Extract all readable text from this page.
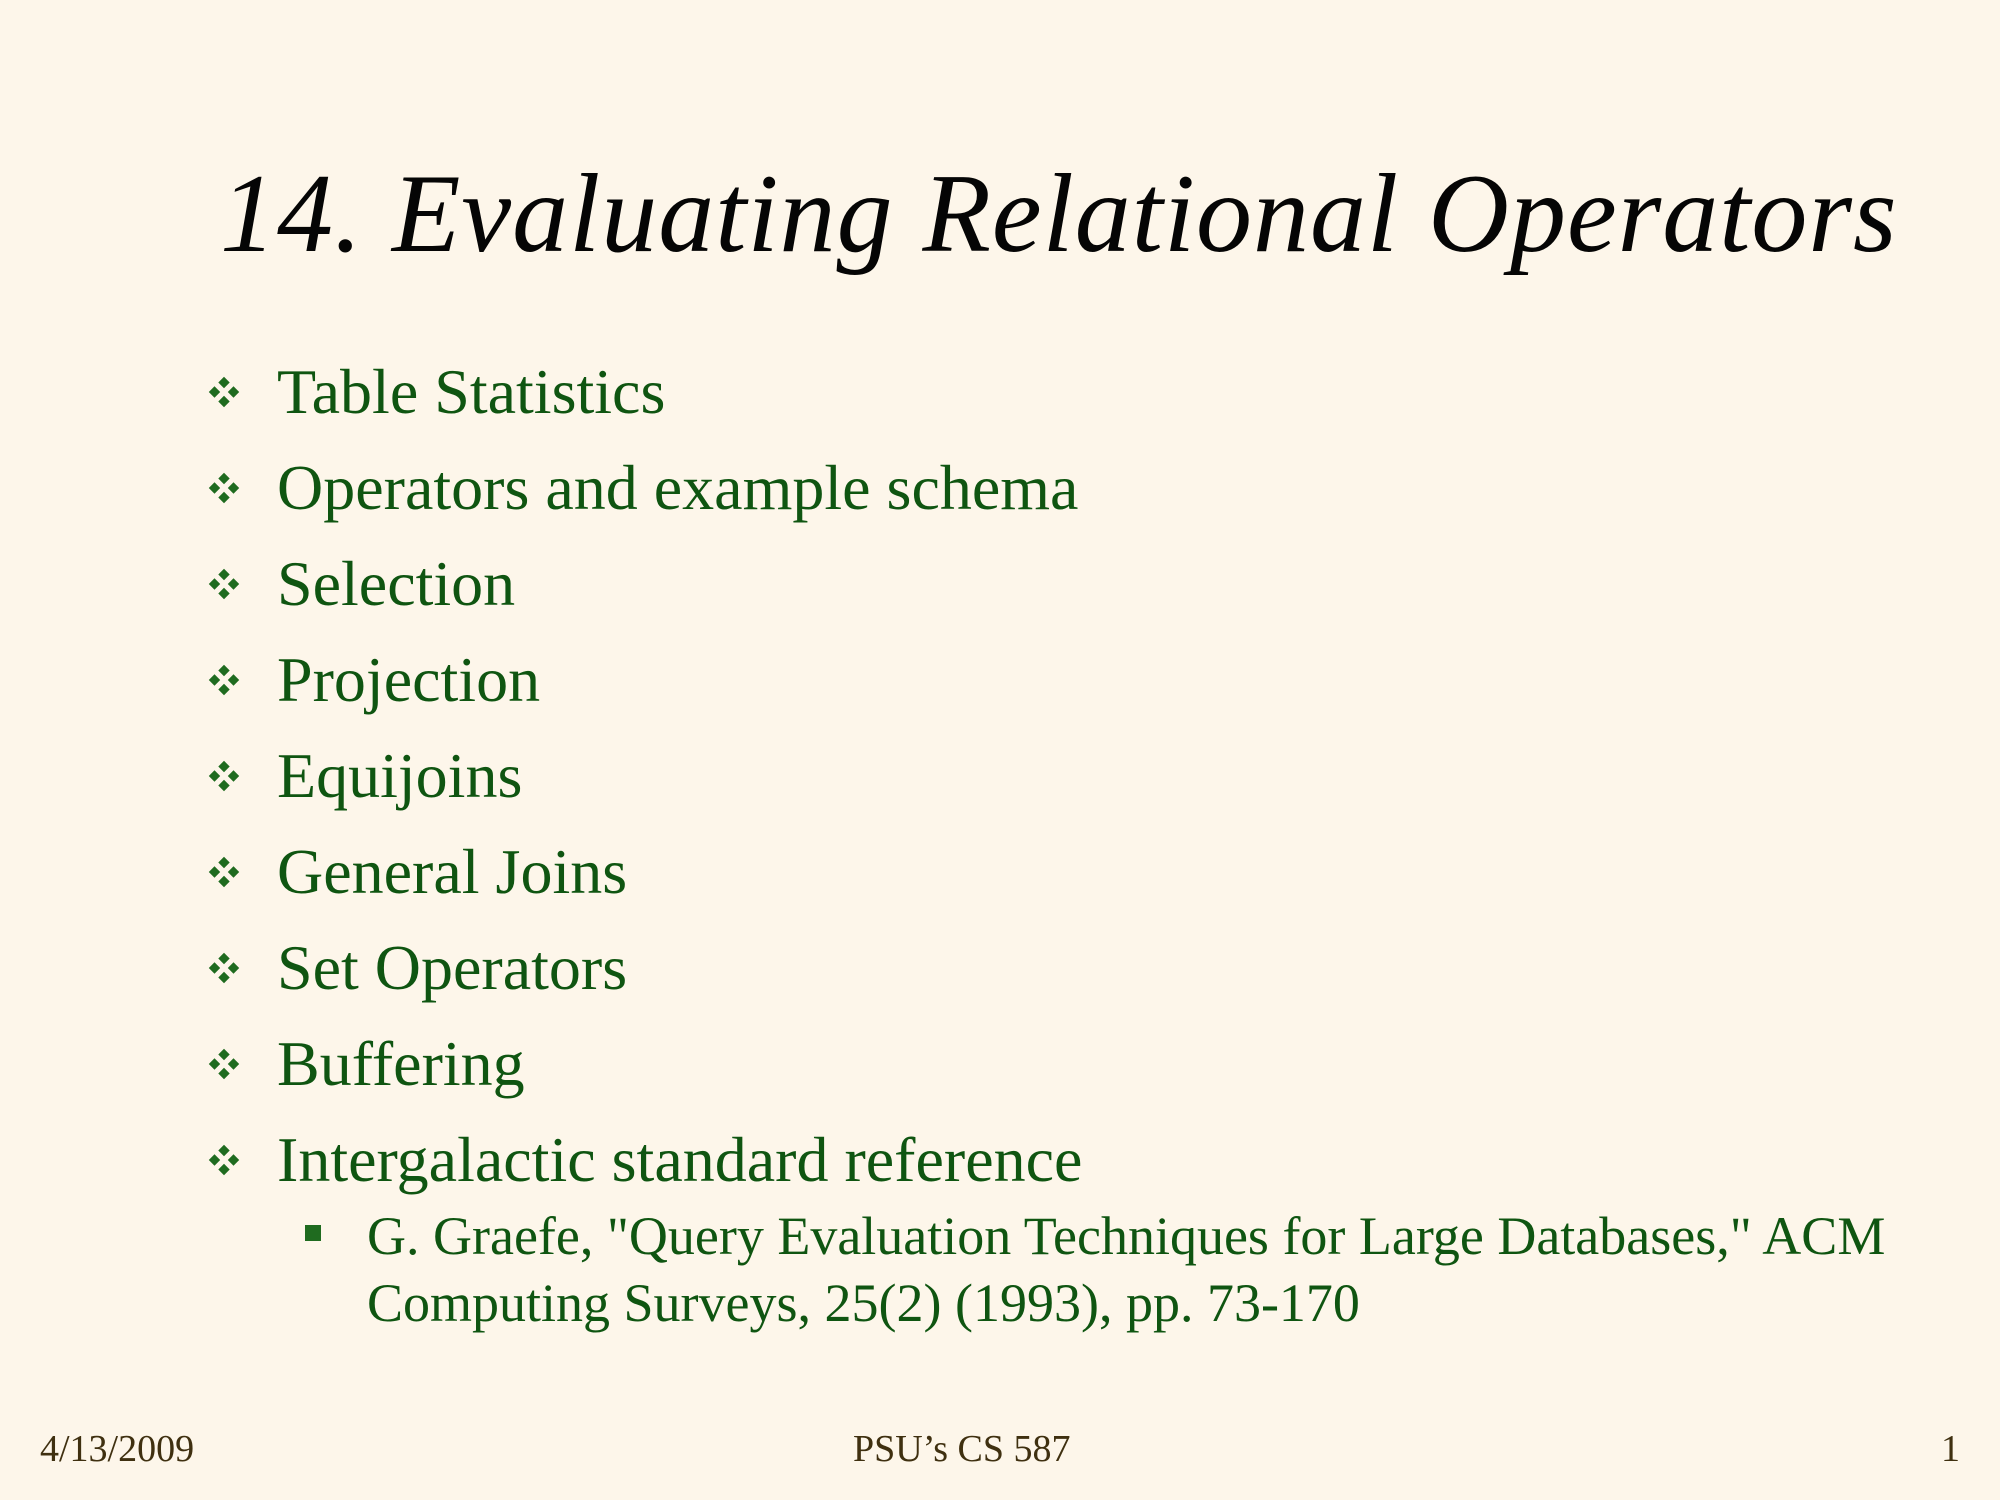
14. Evaluating Relational Operators
Table Statistics
Operators and example schema
Selection
Projection
Equijoins
General Joins
Set Operators
Buffering
Intergalactic standard reference
G. Graefe, "Query Evaluation Techniques for Large Databases," ACM Computing Surveys, 25(2) (1993), pp. 73-170
4/13/2009	PSU’s CS 587	1
